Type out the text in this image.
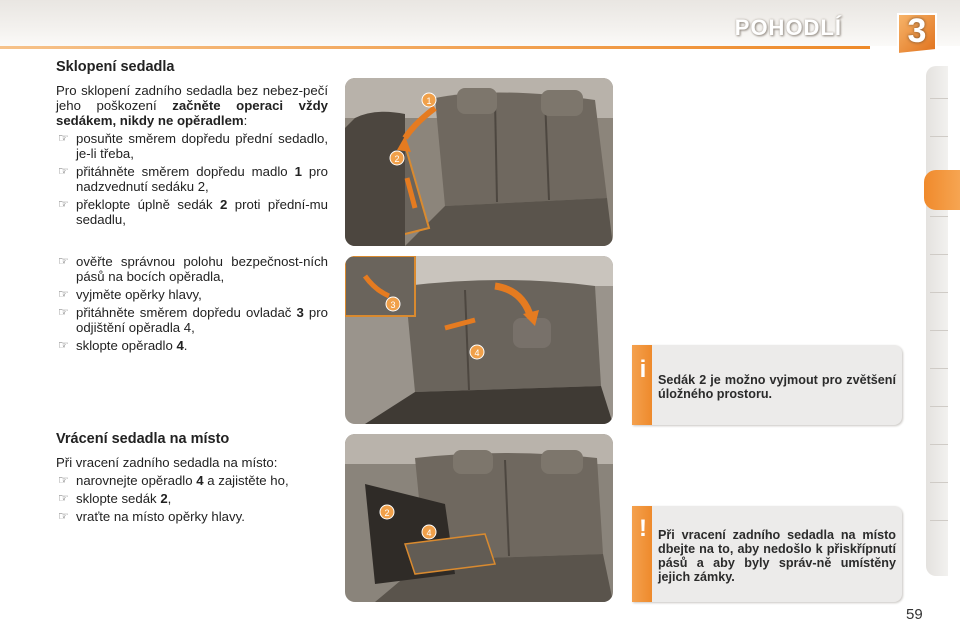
POHODLÍ	3
Sklopení sedadla

Pro sklopení zadního sedadla bez nebez-pečí jeho poškození začněte operaci vždy sedákem, nikdy ne opěradlem:

☞ posuňte směrem dopředu přední sedadlo, je-li třeba,
☞ přitáhněte směrem dopředu madlo 1 pro nadzvednutí sedáku 2,
☞ překlopte úplně sedák 2 proti přední-mu sedadlu,
☞ ověřte správnou polohu bezpečnost-ních pásů na bocích opěradla,
☞ vyjměte opěrky hlavy,
☞ přitáhněte směrem dopředu ovladač 3 pro odjištění opěradla 4,
☞ sklopte opěradlo 4.
Vrácení sedadla na místo

Při vracení zadního sedadla na místo:

☞ narovnejte opěradlo 4 a zajistěte ho,
☞ sklopte sedák 2,
☞ vraťte na místo opěrky hlavy.
1
2
3
4
2
4
i Sedák 2 je možno vyjmout pro zvětšení úložného prostoru.
! Při vracení zadního sedadla na místo dbejte na to, aby nedošlo k přiskřípnutí pásů a aby byly správ-ně umístěny jejich zámky.
59
